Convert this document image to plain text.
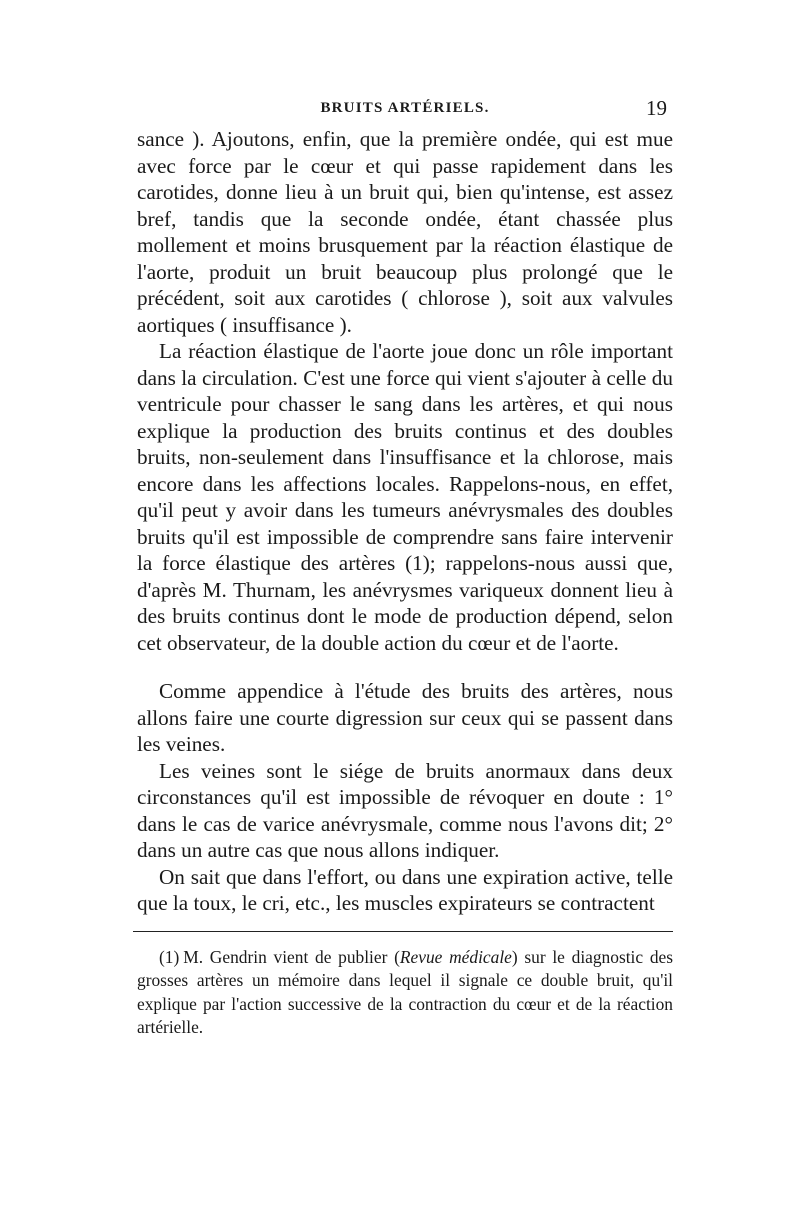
BRUITS ARTÉRIELS.	19

sance ). Ajoutons, enfin, que la première ondée, qui est mue avec force par le cœur et qui passe rapidement dans les carotides, donne lieu à un bruit qui, bien qu'intense, est assez bref, tandis que la seconde ondée, étant chassée plus mollement et moins brusquement par la réaction élastique de l'aorte, produit un bruit beaucoup plus prolongé que le précédent, soit aux carotides ( chlorose ), soit aux valvules aortiques ( insuffisance ).

La réaction élastique de l'aorte joue donc un rôle important dans la circulation. C'est une force qui vient s'ajouter à celle du ventricule pour chasser le sang dans les artères, et qui nous explique la production des bruits continus et des doubles bruits, non-seulement dans l'insuffisance et la chlorose, mais encore dans les affections locales. Rappelons-nous, en effet, qu'il peut y avoir dans les tumeurs anévrysmales des doubles bruits qu'il est impossible de comprendre sans faire intervenir la force élastique des artères (1); rappelons-nous aussi que, d'après M. Thurnam, les anévrysmes variqueux donnent lieu à des bruits continus dont le mode de production dépend, selon cet observateur, de la double action du cœur et de l'aorte.

Comme appendice à l'étude des bruits des artères, nous allons faire une courte digression sur ceux qui se passent dans les veines.

Les veines sont le siége de bruits anormaux dans deux circonstances qu'il est impossible de révoquer en doute : 1° dans le cas de varice anévrysmale, comme nous l'avons dit; 2° dans un autre cas que nous allons indiquer.

On sait que dans l'effort, ou dans une expiration active, telle que la toux, le cri, etc., les muscles expirateurs se contractent

(1) M. Gendrin vient de publier (Revue médicale) sur le diagnostic des grosses artères un mémoire dans lequel il signale ce double bruit, qu'il explique par l'action successive de la contraction du cœur et de la réaction artérielle.
